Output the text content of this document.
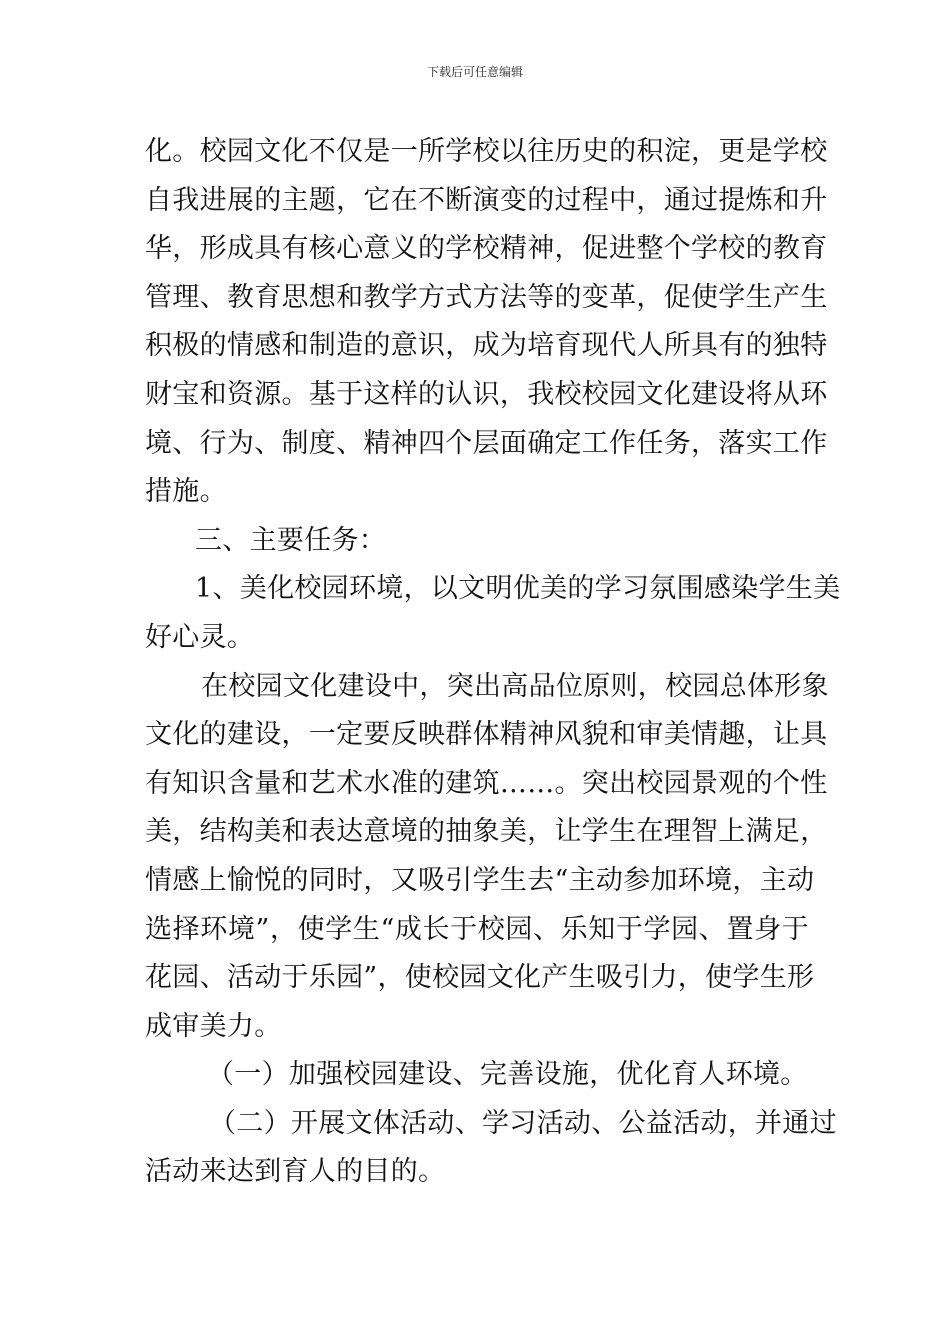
下载后可任意编辑
化。校园文化不仅是一所学校以往历史的积淀，更是学校
自我进展的主题，它在不断演变的过程中，通过提炼和升
华，形成具有核心意义的学校精神，促进整个学校的教育
管理、教育思想和教学方式方法等的变革，促使学生产生
积极的情感和制造的意识，成为培育现代人所具有的独特
财宝和资源。基于这样的认识，我校校园文化建设将从环
境、行为、制度、精神四个层面确定工作任务，落实工作
措施。
三、主要任务：
1、美化校园环境，以文明优美的学习氛围感染学生美
好心灵。
在校园文化建设中，突出高品位原则，校园总体形象
文化的建设，一定要反映群体精神风貌和审美情趣，让具
有知识含量和艺术水准的建筑……。突出校园景观的个性
美，结构美和表达意境的抽象美，让学生在理智上满足，
情感上愉悦的同时，又吸引学生去“主动参加环境，主动
选择环境”，使学生“成长于校园、乐知于学园、置身于
花园、活动于乐园”，使校园文化产生吸引力，使学生形
成审美力。
（一）加强校园建设、完善设施，优化育人环境。
（二）开展文体活动、学习活动、公益活动，并通过
活动来达到育人的目的。
